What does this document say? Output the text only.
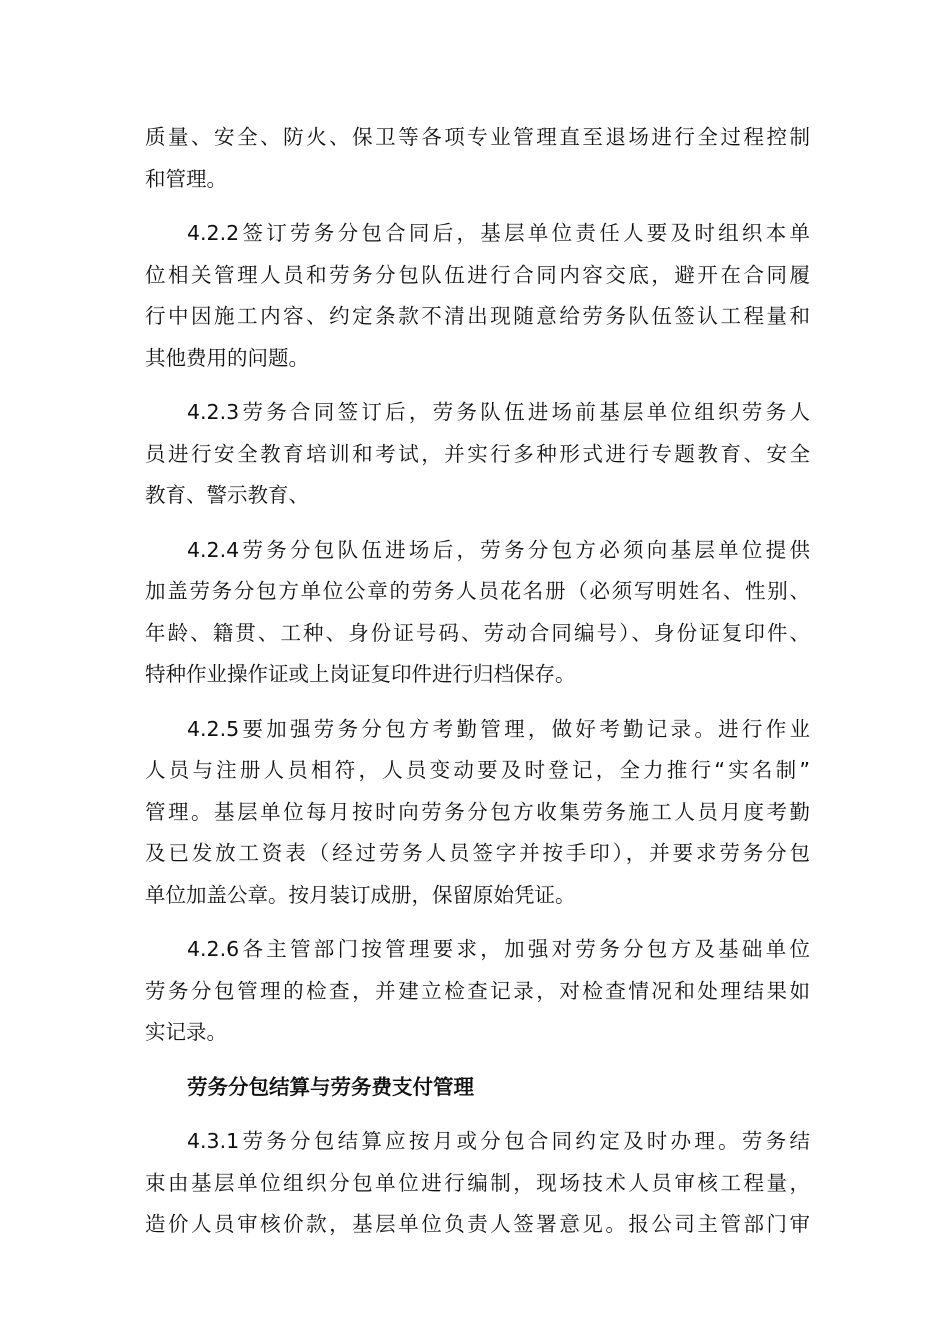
质量、安全、防火、保卫等各项专业管理直至退场进行全过程控制
和管理。
4.2.2签订劳务分包合同后，基层单位责任人要及时组织本单
位相关管理人员和劳务分包队伍进行合同内容交底，避开在合同履
行中因施工内容、约定条款不清出现随意给劳务队伍签认工程量和
其他费用的问题。
4.2.3劳务合同签订后，劳务队伍进场前基层单位组织劳务人
员进行安全教育培训和考试，并实行多种形式进行专题教育、安全
教育、警示教育、
4.2.4劳务分包队伍进场后，劳务分包方必须向基层单位提供
加盖劳务分包方单位公章的劳务人员花名册（必须写明姓名、性别、
年龄、籍贯、工种、身份证号码、劳动合同编号）、身份证复印件、
特种作业操作证或上岗证复印件进行归档保存。
4.2.5要加强劳务分包方考勤管理，做好考勤记录。进行作业
人员与注册人员相符，人员变动要及时登记，全力推行“实名制”
管理。基层单位每月按时向劳务分包方收集劳务施工人员月度考勤
及已发放工资表（经过劳务人员签字并按手印），并要求劳务分包
单位加盖公章。按月装订成册，保留原始凭证。
4.2.6各主管部门按管理要求，加强对劳务分包方及基础单位
劳务分包管理的检查，并建立检查记录，对检查情况和处理结果如
实记录。
劳务分包结算与劳务费支付管理
4.3.1劳务分包结算应按月或分包合同约定及时办理。劳务结
束由基层单位组织分包单位进行编制，现场技术人员审核工程量，
造价人员审核价款，基层单位负责人签署意见。报公司主管部门审
